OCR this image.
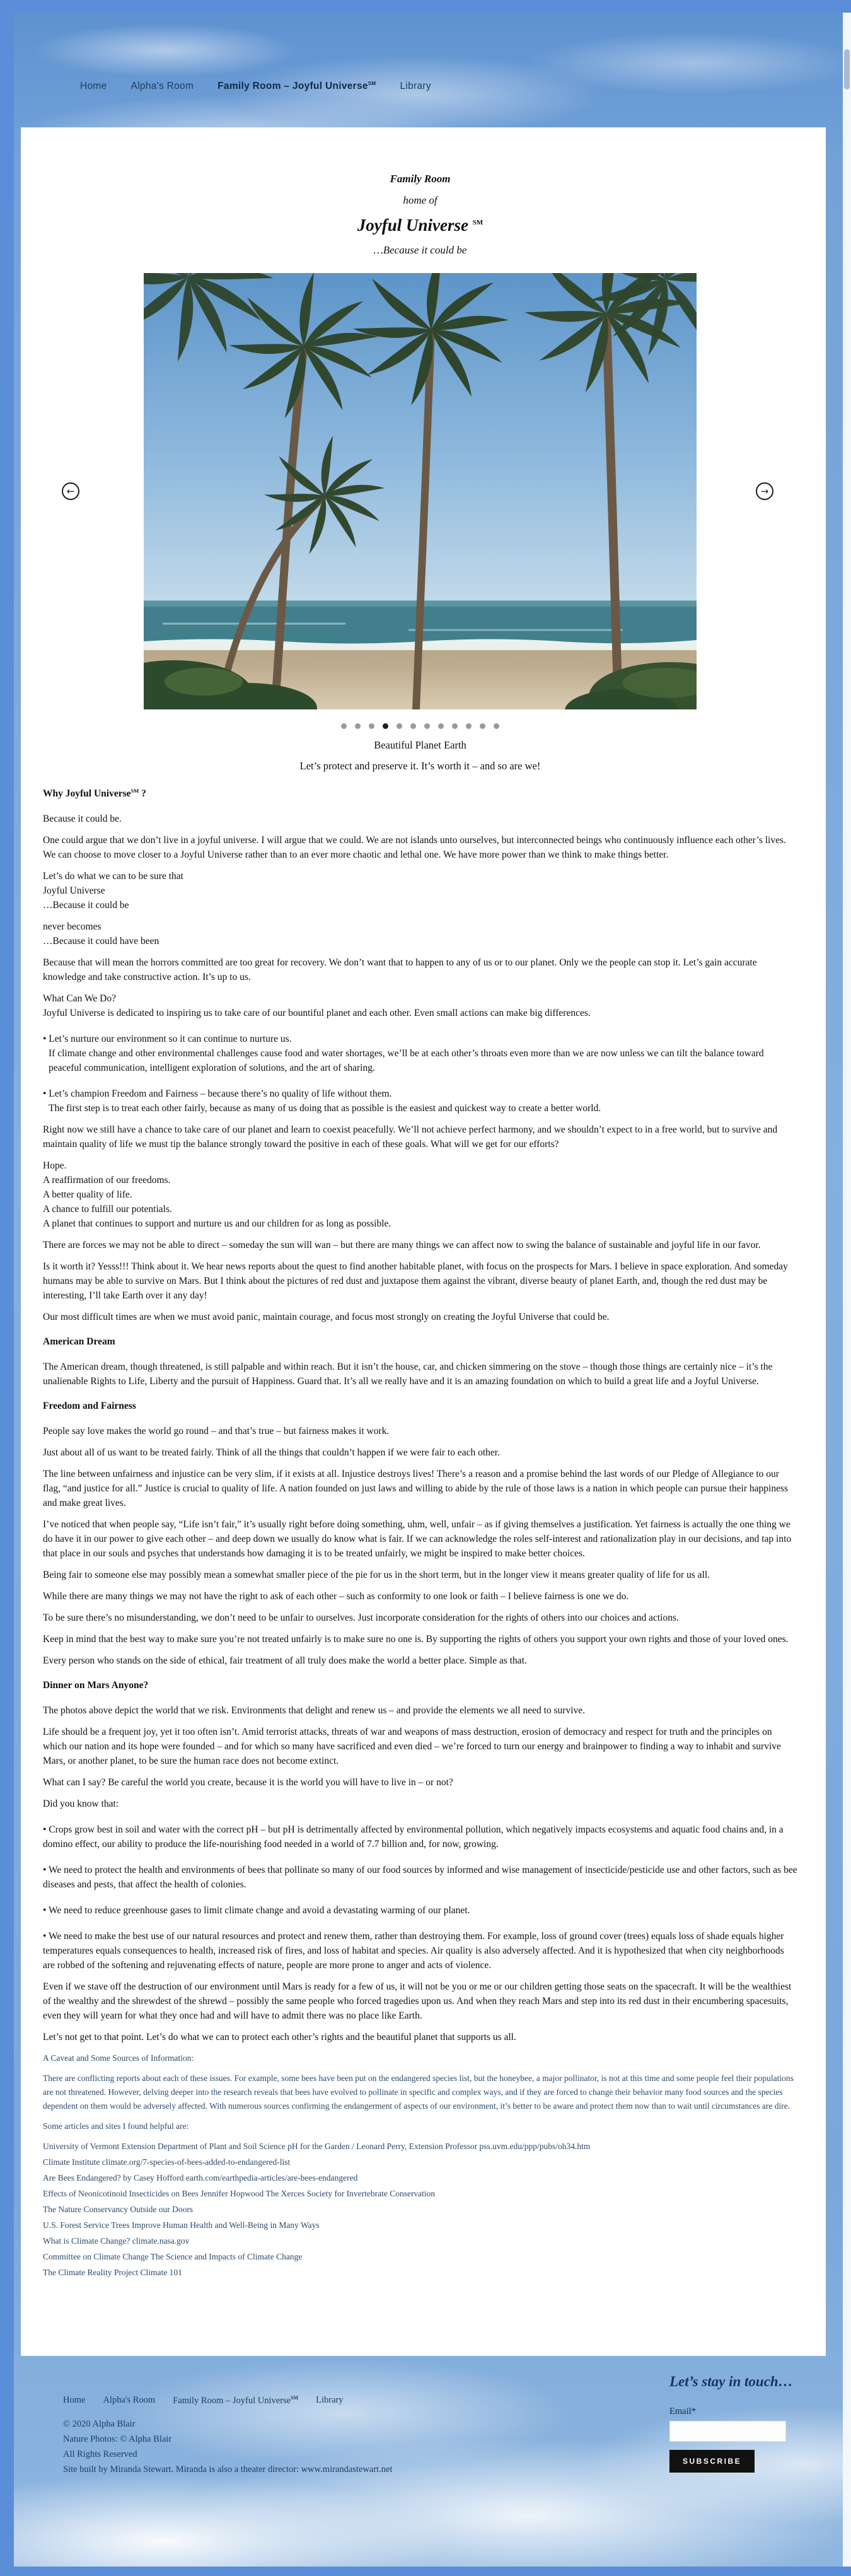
Home Alpha's Room Family Room – Joyful Universe℠ Library

Family Room

home of

Joyful Universe ℠

…Because it could be

←	→

Beautiful Planet Earth

Let’s protect and preserve it. It’s worth it – and so are we!

Why Joyful Universe℠ ?

Because it could be.

One could argue that we don’t live in a joyful universe. I will argue that we could. We are not islands unto ourselves, but interconnected beings who continuously influence each other’s lives. We can choose to move closer to a Joyful Universe rather than to an ever more chaotic and lethal one. We have more power than we think to make things better.

Let’s do what we can to be sure that
Joyful Universe
…Because it could be

never becomes
…Because it could have been

Because that will mean the horrors committed are too great for recovery. We don’t want that to happen to any of us or to our planet. Only we the people can stop it. Let’s gain accurate knowledge and take constructive action. It’s up to us.

What Can We Do?
Joyful Universe is dedicated to inspiring us to take care of our bountiful planet and each other. Even small actions can make big differences.

• Let’s nurture our environment so it can continue to nurture us.
If climate change and other environmental challenges cause food and water shortages, we’ll be at each other’s throats even more than we are now unless we can tilt the balance toward peaceful communication, intelligent exploration of solutions, and the art of sharing.

• Let’s champion Freedom and Fairness – because there’s no quality of life without them.
The first step is to treat each other fairly, because as many of us doing that as possible is the easiest and quickest way to create a better world.

Right now we still have a chance to take care of our planet and learn to coexist peacefully. We’ll not achieve perfect harmony, and we shouldn’t expect to in a free world, but to survive and maintain quality of life we must tip the balance strongly toward the positive in each of these goals. What will we get for our efforts?

Hope.
A reaffirmation of our freedoms.
A better quality of life.
A chance to fulfill our potentials.
A planet that continues to support and nurture us and our children for as long as possible.

There are forces we may not be able to direct – someday the sun will wan – but there are many things we can affect now to swing the balance of sustainable and joyful life in our favor.

Is it worth it? Yesss!!! Think about it. We hear news reports about the quest to find another habitable planet, with focus on the prospects for Mars. I believe in space exploration. And someday humans may be able to survive on Mars. But I think about the pictures of red dust and juxtapose them against the vibrant, diverse beauty of planet Earth, and, though the red dust may be interesting, I’ll take Earth over it any day!

Our most difficult times are when we must avoid panic, maintain courage, and focus most strongly on creating the Joyful Universe that could be.

American Dream

The American dream, though threatened, is still palpable and within reach. But it isn’t the house, car, and chicken simmering on the stove – though those things are certainly nice – it’s the unalienable Rights to Life, Liberty and the pursuit of Happiness. Guard that. It’s all we really have and it is an amazing foundation on which to build a great life and a Joyful Universe.

Freedom and Fairness

People say love makes the world go round – and that’s true – but fairness makes it work.

Just about all of us want to be treated fairly. Think of all the things that couldn’t happen if we were fair to each other.

The line between unfairness and injustice can be very slim, if it exists at all. Injustice destroys lives! There’s a reason and a promise behind the last words of our Pledge of Allegiance to our flag, “and justice for all.” Justice is crucial to quality of life. A nation founded on just laws and willing to abide by the rule of those laws is a nation in which people can pursue their happiness and make great lives.

I’ve noticed that when people say, “Life isn’t fair,” it’s usually right before doing something, uhm, well, unfair – as if giving themselves a justification. Yet fairness is actually the one thing we do have it in our power to give each other – and deep down we usually do know what is fair. If we can acknowledge the roles self-interest and rationalization play in our decisions, and tap into that place in our souls and psyches that understands how damaging it is to be treated unfairly, we might be inspired to make better choices.

Being fair to someone else may possibly mean a somewhat smaller piece of the pie for us in the short term, but in the longer view it means greater quality of life for us all.

While there are many things we may not have the right to ask of each other – such as conformity to one look or faith – I believe fairness is one we do.

To be sure there’s no misunderstanding, we don’t need to be unfair to ourselves. Just incorporate consideration for the rights of others into our choices and actions.

Keep in mind that the best way to make sure you’re not treated unfairly is to make sure no one is. By supporting the rights of others you support your own rights and those of your loved ones.

Every person who stands on the side of ethical, fair treatment of all truly does make the world a better place. Simple as that.

Dinner on Mars Anyone?

The photos above depict the world that we risk. Environments that delight and renew us – and provide the elements we all need to survive.

Life should be a frequent joy, yet it too often isn’t. Amid terrorist attacks, threats of war and weapons of mass destruction, erosion of democracy and respect for truth and the principles on which our nation and its hope were founded – and for which so many have sacrificed and even died – we’re forced to turn our energy and brainpower to finding a way to inhabit and survive Mars, or another planet, to be sure the human race does not become extinct.

What can I say? Be careful the world you create, because it is the world you will have to live in – or not?

Did you know that:

• Crops grow best in soil and water with the correct pH – but pH is detrimentally affected by environmental pollution, which negatively impacts ecosystems and aquatic food chains and, in a domino effect, our ability to produce the life-nourishing food needed in a world of 7.7 billion and, for now, growing.

• We need to protect the health and environments of bees that pollinate so many of our food sources by informed and wise management of insecticide/pesticide use and other factors, such as bee diseases and pests, that affect the health of colonies.

• We need to reduce greenhouse gases to limit climate change and avoid a devastating warming of our planet.

• We need to make the best use of our natural resources and protect and renew them, rather than destroying them. For example, loss of ground cover (trees) equals loss of shade equals higher temperatures equals consequences to health, increased risk of fires, and loss of habitat and species. Air quality is also adversely affected. And it is hypothesized that when city neighborhoods are robbed of the softening and rejuvenating effects of nature, people are more prone to anger and acts of violence.

Even if we stave off the destruction of our environment until Mars is ready for a few of us, it will not be you or me or our children getting those seats on the spacecraft. It will be the wealthiest of the wealthy and the shrewdest of the shrewd – possibly the same people who forced tragedies upon us. And when they reach Mars and step into its red dust in their encumbering spacesuits, even they will yearn for what they once had and will have to admit there was no place like Earth.

Let’s not get to that point. Let’s do what we can to protect each other’s rights and the beautiful planet that supports us all.

A Caveat and Some Sources of Information:

There are conflicting reports about each of these issues. For example, some bees have been put on the endangered species list, but the honeybee, a major pollinator, is not at this time and some people feel their populations are not threatened. However, delving deeper into the research reveals that bees have evolved to pollinate in specific and complex ways, and if they are forced to change their behavior many food sources and the species dependent on them would be adversely affected. With numerous sources confirming the endangerment of aspects of our environment, it’s better to be aware and protect them now than to wait until circumstances are dire.

Some articles and sites I found helpful are:

University of Vermont Extension Department of Plant and Soil Science pH for the Garden / Leonard Perry, Extension Professor pss.uvm.edu/ppp/pubs/oh34.htm

Climate Institute climate.org/7-species-of-bees-added-to-endangered-list

Are Bees Endangered? by Casey Hofford earth.com/earthpedia-articles/are-bees-endangered

Effects of Neonicotinoid Insecticides on Bees Jennifer Hopwood The Xerces Society for Invertebrate Conservation

The Nature Conservancy Outside our Doors

U.S. Forest Service Trees Improve Human Health and Well-Being in Many Ways

What is Climate Change? climate.nasa.gov

Committee on Climate Change The Science and Impacts of Climate Change

The Climate Reality Project Climate 101

Home Alpha's Room Family Room – Joyful Universe℠ Library

© 2020 Alpha Blair

Nature Photos: © Alpha Blair

All Rights Reserved

Site built by Miranda Stewart. Miranda is also a theater director: www.mirandastewart.net

Let’s stay in touch…
Email*

SUBSCRIBE
